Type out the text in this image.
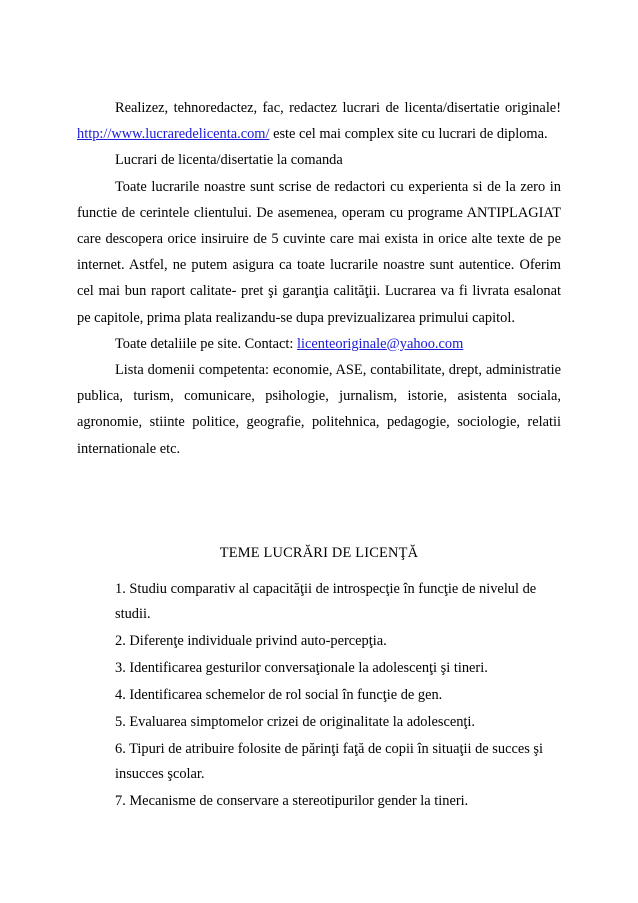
Realizez, tehnoredactez, fac, redactez lucrari de licenta/disertatie originale! http://www.lucraredelicenta.com/ este cel mai complex site cu lucrari de diploma.

Lucrari de licenta/disertatie la comanda

Toate lucrarile noastre sunt scrise de redactori cu experienta si de la zero in functie de cerintele clientului. De asemenea, operam cu programe ANTIPLAGIAT care descopera orice insiruire de 5 cuvinte care mai exista in orice alte texte de pe internet. Astfel, ne putem asigura ca toate lucrarile noastre sunt autentice. Oferim cel mai bun raport calitate- pret şi garanţia calităţii. Lucrarea va fi livrata esalonat pe capitole, prima plata realizandu-se dupa previzualizarea primului capitol.

Toate detaliile pe site. Contact: licenteoriginale@yahoo.com

Lista domenii competenta: economie, ASE, contabilitate, drept, administratie publica, turism, comunicare, psihologie, jurnalism, istorie, asistenta sociala, agronomie, stiinte politice, geografie, politehnica, pedagogie, sociologie, relatii internationale etc.

TEME LUCRĂRI DE LICENŢĂ
1. Studiu comparativ al capacităţii de introspecţie în funcţie de nivelul de studii.
2. Diferenţe individuale privind auto-percepţia.
3. Identificarea gesturilor conversaţionale la adolescenţi şi tineri.
4. Identificarea schemelor de rol social în funcţie de gen.
5. Evaluarea simptomelor crizei de originalitate la adolescenţi.
6. Tipuri de atribuire folosite de părinţi faţă de copii în situaţii de succes şi insucces şcolar.
7. Mecanisme de conservare a stereotipurilor gender la tineri.
